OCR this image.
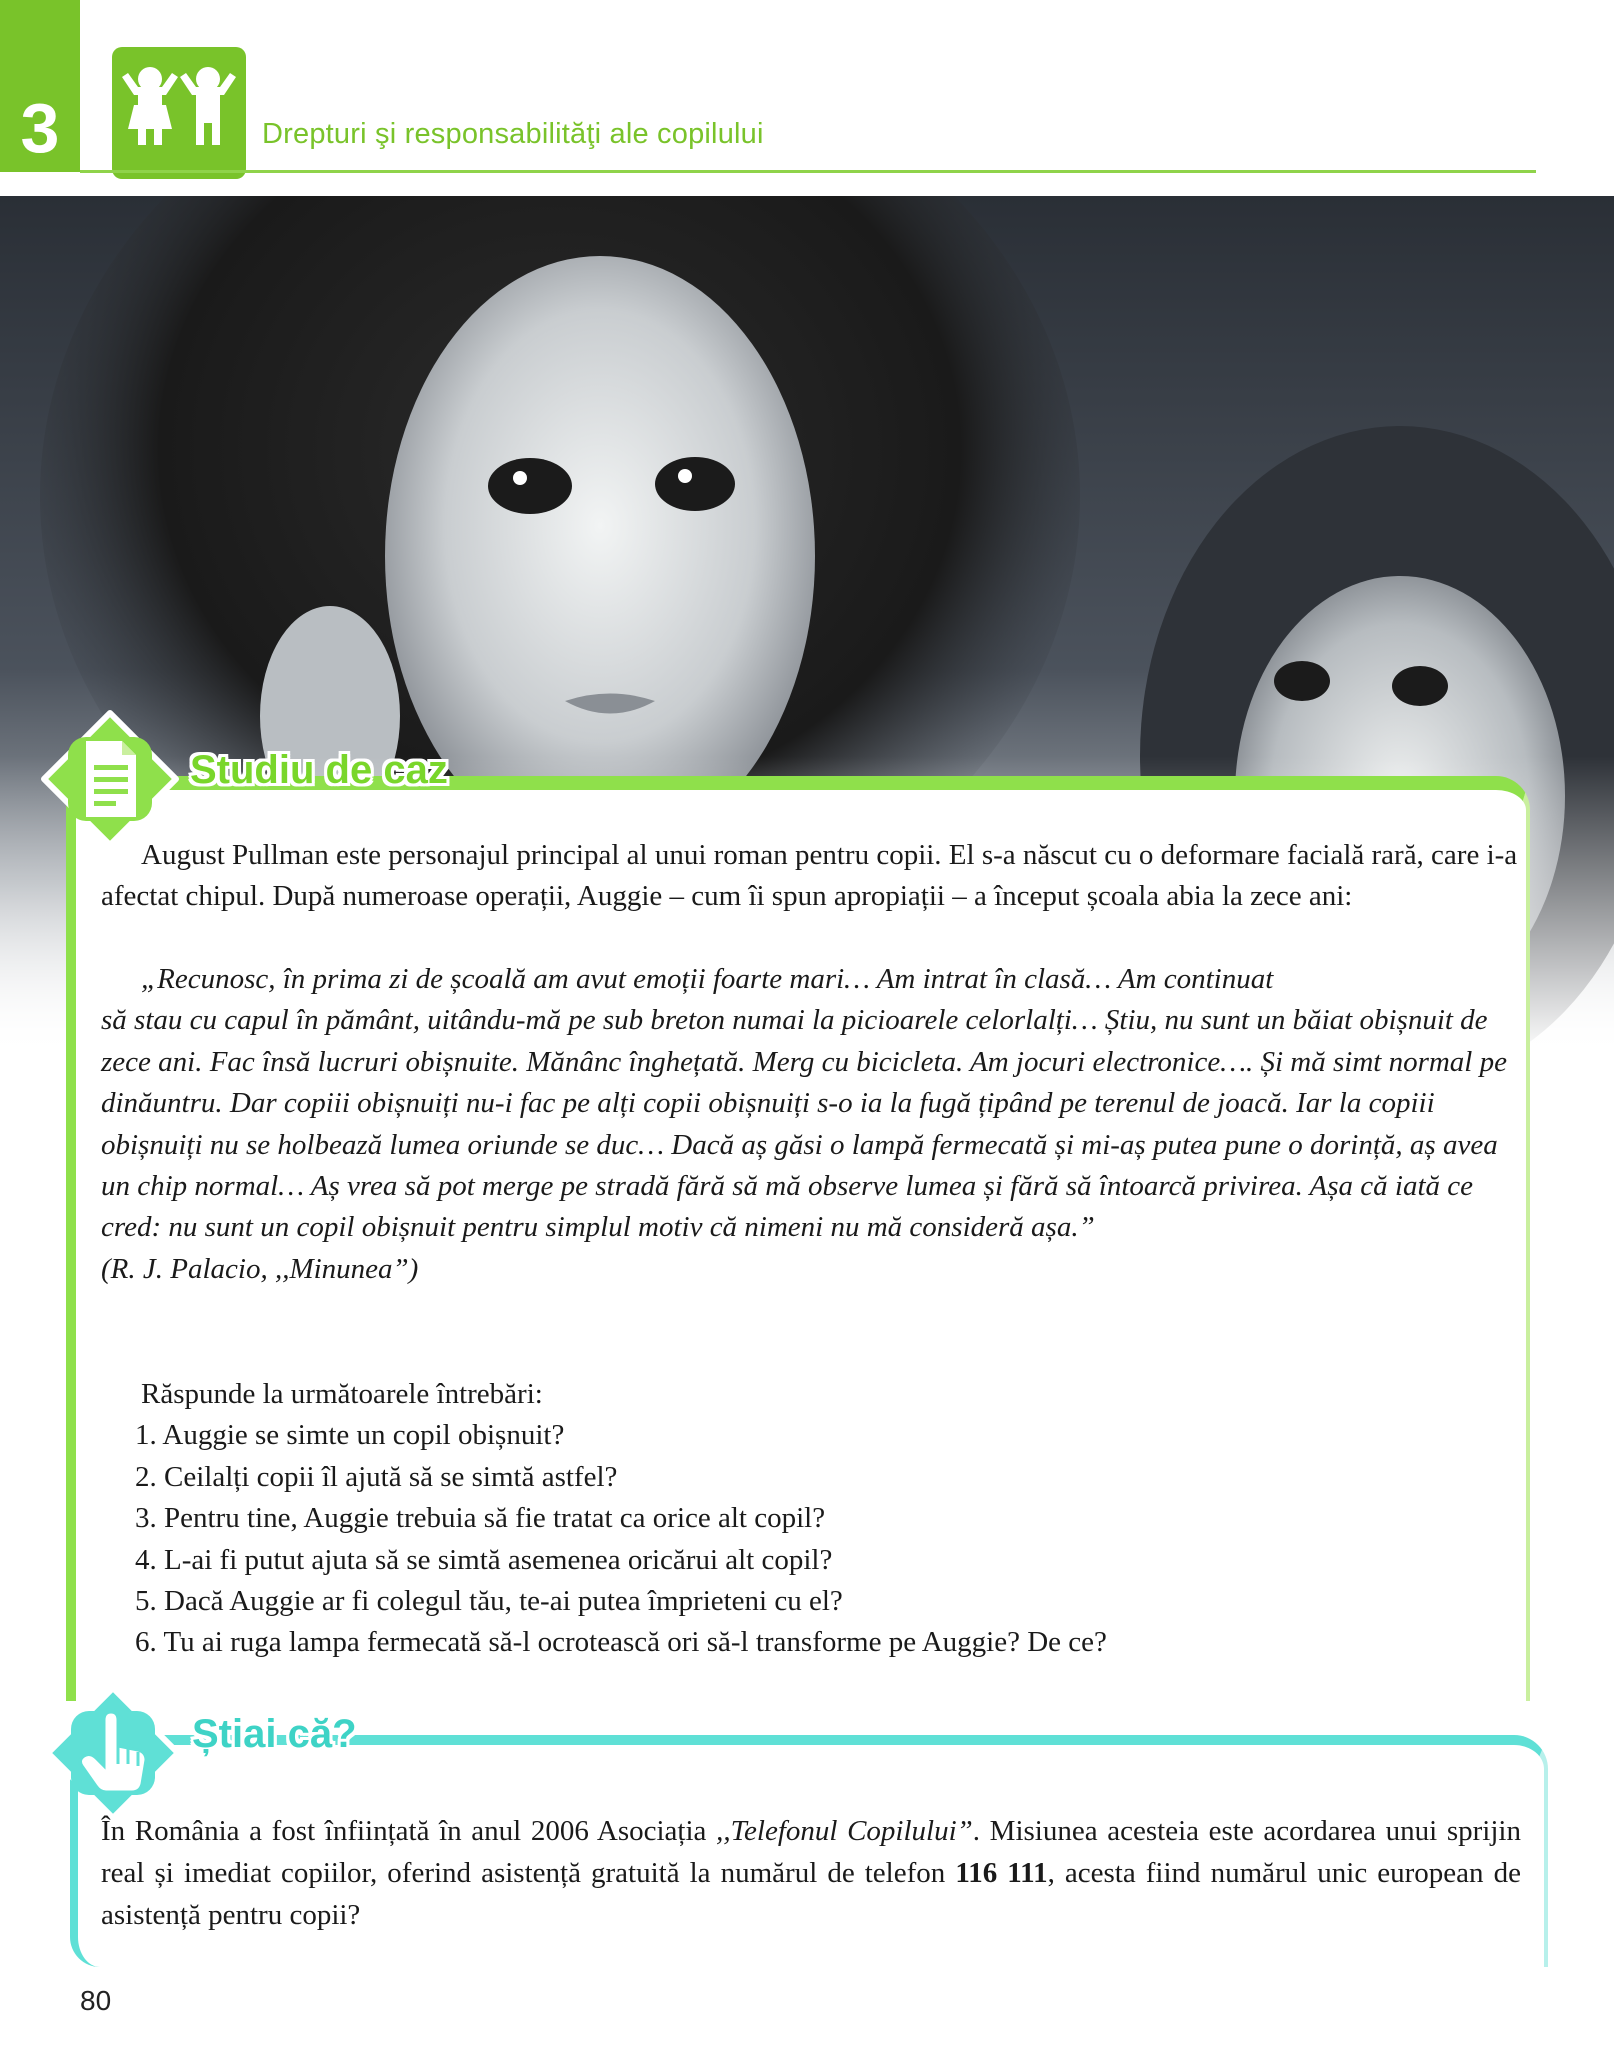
3	Drepturi şi responsabilităţi ale copilului
Studiu de caz
August Pullman este personajul principal al unui roman pentru copii. El s-a născut cu o deformare facială rară, care i-a afectat chipul. După numeroase operații, Auggie – cum îi spun apropiații – a început școala abia la zece ani:
„Recunosc, în prima zi de școală am avut emoții foarte mari… Am intrat în clasă… Am continuat
să stau cu capul în pământ, uitându-mă pe sub breton numai la picioarele celorlalți… Știu, nu sunt un băiat obișnuit de zece ani. Fac însă lucruri obișnuite. Mănânc înghețată. Merg cu bicicleta. Am jocuri electronice…. Și mă simt normal pe dinăuntru. Dar copiii obișnuiți nu-i fac pe alți copii obișnuiți s-o ia la fugă țipând pe terenul de joacă. Iar la copiii obișnuiți nu se holbează lumea oriunde se duc… Dacă aș găsi o lampă fermecată și mi-aș putea pune o dorință, aș avea un chip normal… Aș vrea să pot merge pe stradă fără să mă observe lumea și fără să întoarcă privirea. Așa că iată ce cred: nu sunt un copil obișnuit pentru simplul motiv că nimeni nu mă consideră așa.”
(R. J. Palacio, ,,Minunea”)
Răspunde la următoarele întrebări:
1. Auggie se simte un copil obișnuit?
2. Ceilalți copii îl ajută să se simtă astfel?
3. Pentru tine, Auggie trebuia să fie tratat ca orice alt copil?
4. L-ai fi putut ajuta să se simtă asemenea oricărui alt copil?
5. Dacă Auggie ar fi colegul tău, te-ai putea împrieteni cu el?
6. Tu ai ruga lampa fermecată să-l ocrotească ori să-l transforme pe Auggie? De ce?
Știai că?
În România a fost înființată în anul 2006 Asociația ,,Telefonul Copilului”. Misiunea acesteia este acordarea unui sprijin real și imediat copiilor, oferind asistență gratuită la numărul de telefon 116 111, acesta fiind numărul unic european de asistență pentru copii?
80
